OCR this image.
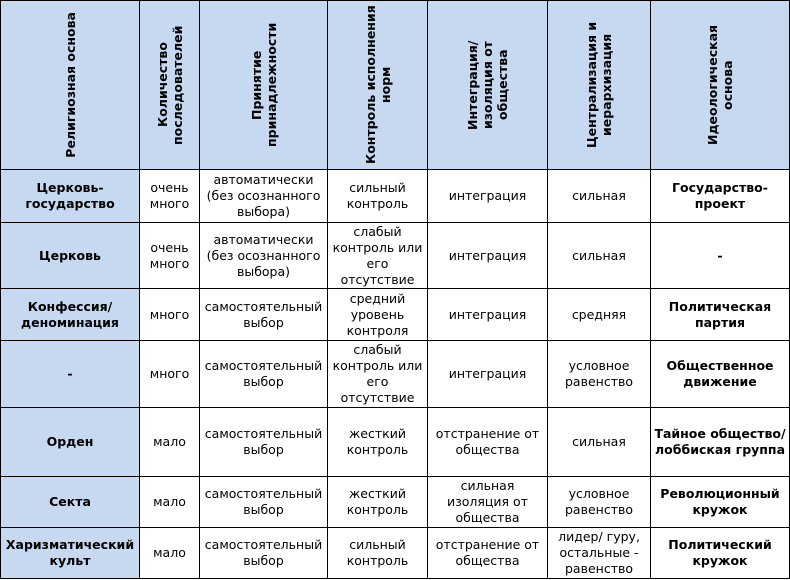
Религиозная основа	Количество последователей	Принятие принадлежности	Контроль исполнения норм	Интеграция/ изоляция от общества	Централизация и иерархизация	Идеологическая основа

Церковь-государство	очень много	автоматически (без осознанного выбора)	сильный контроль	интеграция	сильная	Государство-проект
Церковь	очень много	автоматически (без осознанного выбора)	слабый контроль или его отсутствие	интеграция	сильная	-
Конфессия/ деноминация	много	самостоятельный выбор	средний уровень контроля	интеграция	средняя	Политическая партия
-	много	самостоятельный выбор	слабый контроль или его отсутствие	интеграция	условное равенство	Общественное движение
Орден	мало	самостоятельный выбор	жесткий контроль	отстранение от общества	сильная	Тайное общество/ лоббиская группа
Секта	мало	самостоятельный выбор	жесткий контроль	сильная изоляция от общества	условное равенство	Революционный кружок
Харизматический культ	мало	самостоятельный выбор	сильный контроль	отстранение от общества	лидер/ гуру, остальные - равенство	Политический кружок
